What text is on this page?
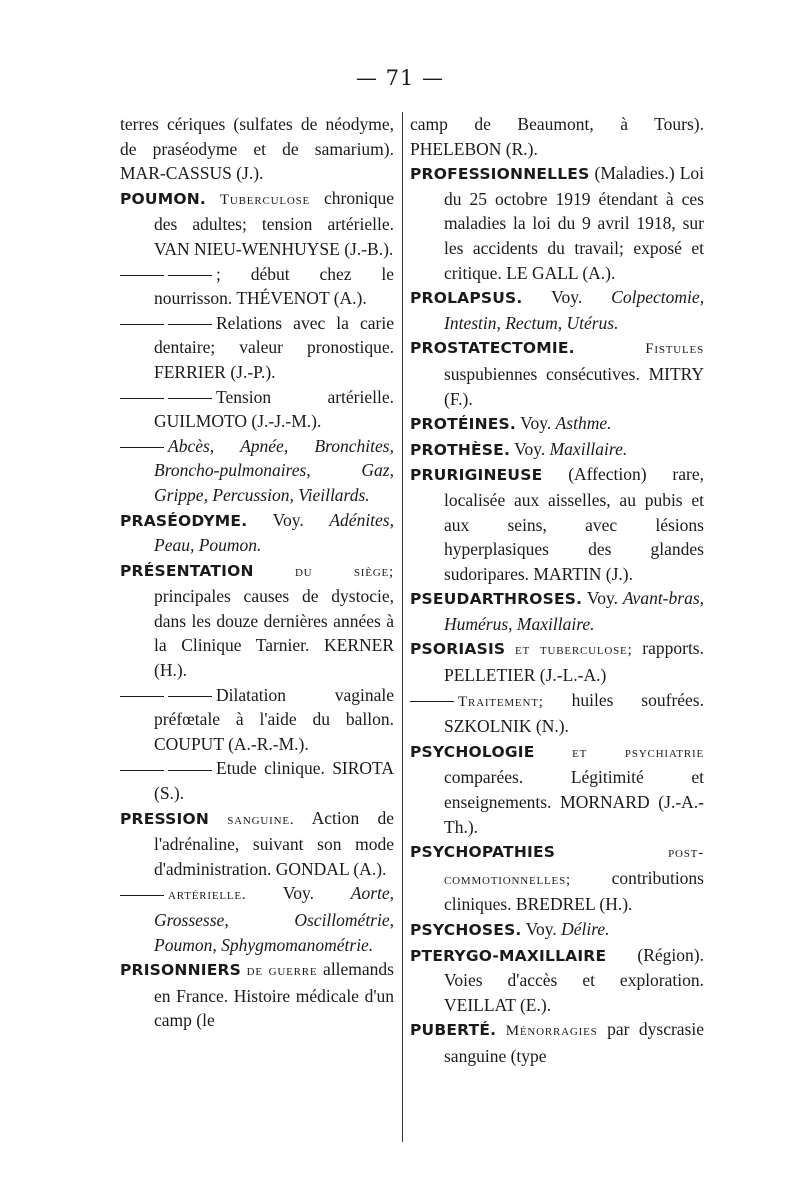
— 71 —

terres cériques (sulfates de néodyme, de praséodyme et de samarium). MAR-CASSUS (J.).

POUMON. Tuberculose chronique des adultes; tension artérielle. VAN NIEU-WENHUYSE (J.-B.).

; début chez le nourrisson. THÉVENOT (A.).

Relations avec la carie dentaire; valeur pronostique. FERRIER (J.-P.).

Tension artérielle. GUILMOTO (J.-J.-M.).

Abcès, Apnée, Bronchites, Broncho-pulmonaires, Gaz, Grippe, Percussion, Vieillards.

PRASÉODYME. Voy. Adénites, Peau, Poumon.

PRÉSENTATION	du siège; principales causes de dystocie, dans les douze dernières années à la Clinique Tarnier. KERNER (H.).

Dilatation vaginale préfœtale à l'aide du ballon. COUPUT (A.-R.-M.).

Etude clinique. SIROTA (S.).

PRESSION sanguine. Action de l'adrénaline, suivant son mode d'administration. GONDAL (A.).

artérielle. Voy. Aorte, Grossesse, Oscillométrie, Poumon, Sphygmomanométrie.

PRISONNIERS de guerre allemands en France. Histoire médicale d'un camp (le

camp de Beaumont, à Tours). PHELEBON (R.).

PROFESSIONNELLES (Maladies.) Loi du 25 octobre 1919 étendant à ces maladies la loi du 9 avril 1918, sur les accidents du travail; exposé et critique. LE GALL (A.).

PROLAPSUS. Voy. Colpectomie, Intestin, Rectum, Utérus.

PROSTATECTOMIE.	Fistules suspubiennes consécutives. MITRY (F.).

PROTÉINES. Voy. Asthme.

PROTHÈSE. Voy. Maxillaire.

PRURIGINEUSE (Affection) rare, localisée aux aisselles, au pubis et aux seins, avec lésions hyperplasiques des glandes sudoripares. MARTIN (J.).

PSEUDARTHROSES. Voy. Avant-bras, Humérus, Maxillaire.

PSORIASIS et tuberculose; rapports. PELLETIER (J.-L.-A.)

Traitement; huiles soufrées. SZKOLNIK (N.).

PSYCHOLOGIE	et psychiatrie comparées. Légitimité et enseignements. MORNARD (J.-A.-Th.).

PSYCHOPATHIES	post-commotionnelles; contributions cliniques. BREDREL (H.).

PSYCHOSES. Voy. Délire.

PTERYGO-MAXILLAIRE (Région). Voies d'accès et exploration. VEILLAT (E.).

PUBERTÉ. Ménorragies par dyscrasie sanguine (type
